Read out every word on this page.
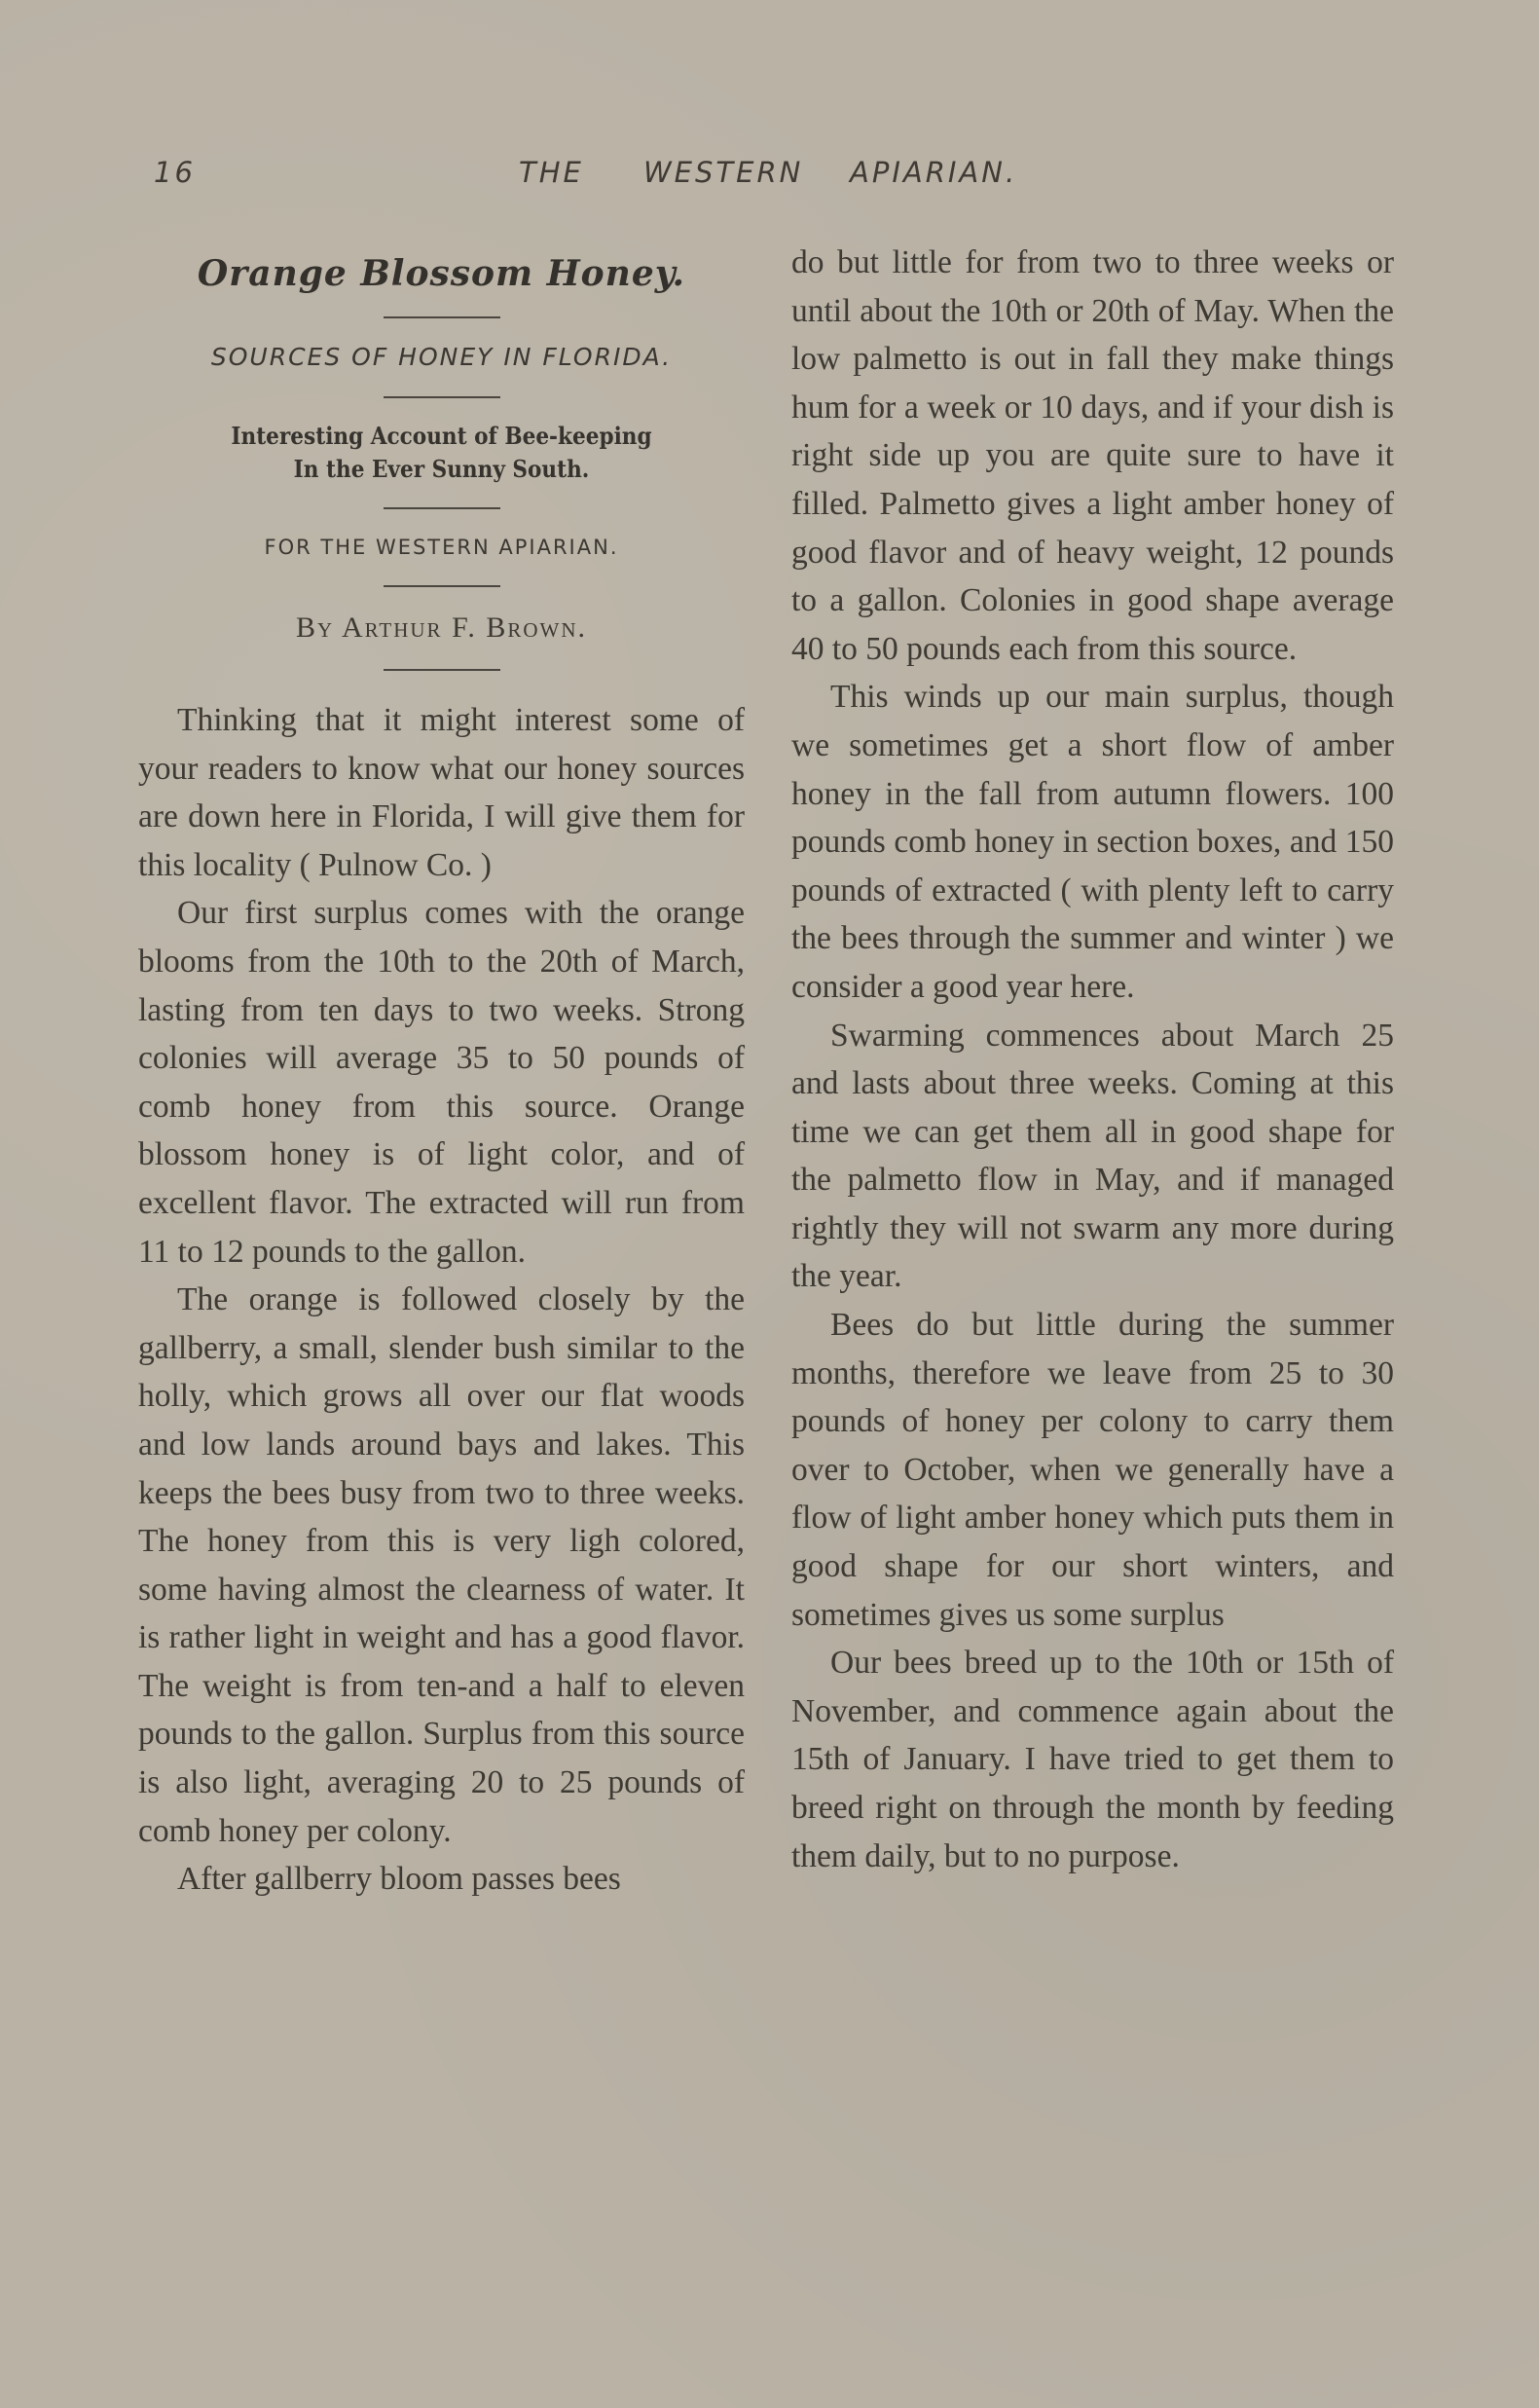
16	THE WESTERN APIARIAN.
Orange Blossom Honey.
SOURCES OF HONEY IN FLORIDA.
Interesting Account of Bee-keeping
In the Ever Sunny South.
FOR THE WESTERN APIARIAN.
By Arthur F. Brown.

Thinking that it might interest some of your readers to know what our honey sources are down here in Florida, I will give them for this locality ( Pulnow Co. )

Our first surplus comes with the orange blooms from the 10th to the 20th of March, lasting from ten days to two weeks. Strong colonies will average 35 to 50 pounds of comb honey from this source. Orange blossom honey is of light color, and of excellent flavor. The extracted will run from 11 to 12 pounds to the gallon.

The orange is followed closely by the gallberry, a small, slender bush similar to the holly, which grows all over our flat woods and low lands around bays and lakes. This keeps the bees busy from two to three weeks. The honey from this is very ligh colored, some having almost the clearness of water. It is rather light in weight and has a good flavor. The weight is from ten-and a half to eleven pounds to the gallon. Surplus from this source is also light, averaging 20 to 25 pounds of comb honey per colony.

After gallberry bloom passes bees

do but little for from two to three weeks or until about the 10th or 20th of May. When the low palmetto is out in fall they make things hum for a week or 10 days, and if your dish is right side up you are quite sure to have it filled. Palmetto gives a light amber honey of good flavor and of heavy weight, 12 pounds to a gallon. Colonies in good shape average 40 to 50 pounds each from this source.

This winds up our main surplus, though we sometimes get a short flow of amber honey in the fall from autumn flowers. 100 pounds comb honey in section boxes, and 150 pounds of extracted ( with plenty left to carry the bees through the summer and winter ) we consider a good year here.

Swarming commences about March 25 and lasts about three weeks. Coming at this time we can get them all in good shape for the palmetto flow in May, and if managed rightly they will not swarm any more during the year.

Bees do but little during the summer months, therefore we leave from 25 to 30 pounds of honey per colony to carry them over to October, when we generally have a flow of light amber honey which puts them in good shape for our short winters, and sometimes gives us some surplus

Our bees breed up to the 10th or 15th of November, and commence again about the 15th of January. I have tried to get them to breed right on through the month by feeding them daily, but to no purpose.
